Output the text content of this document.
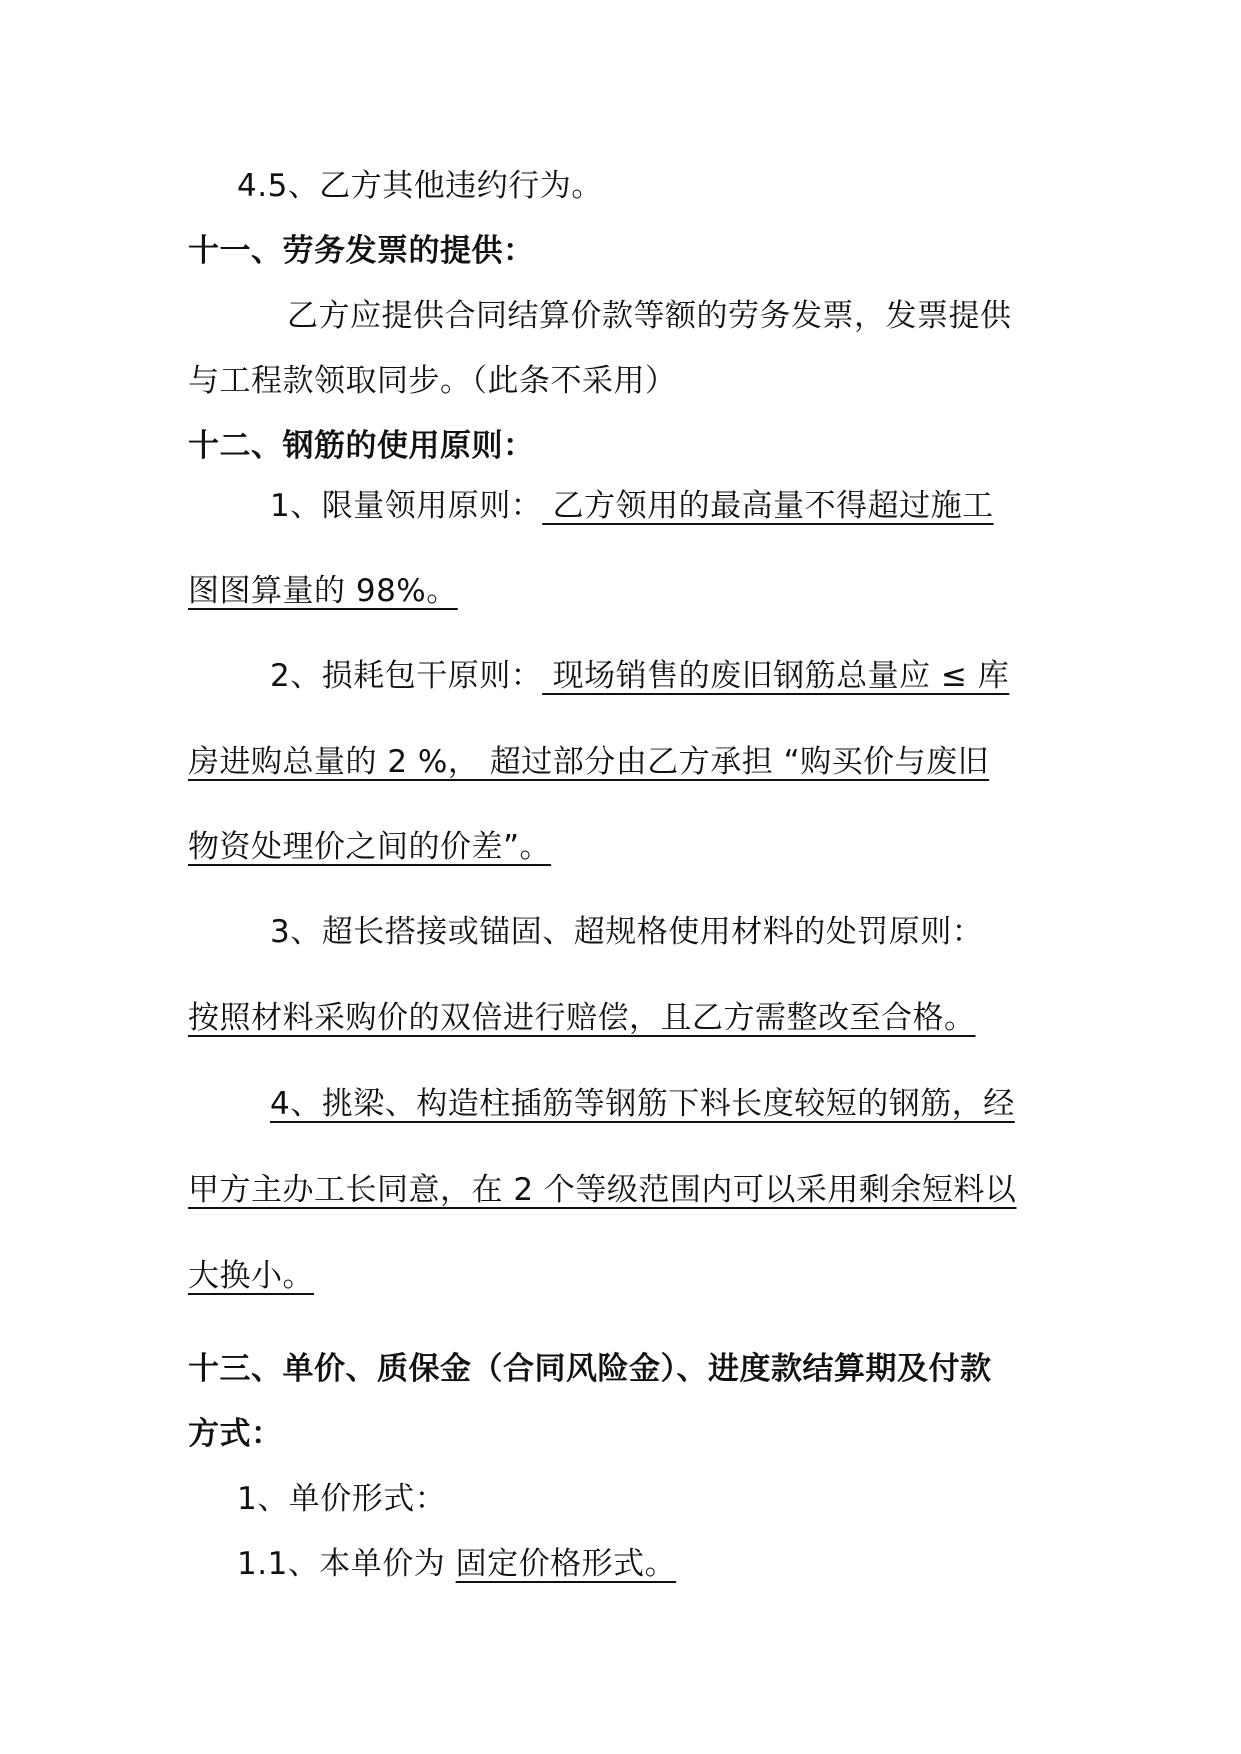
4.5、乙方其他违约行为。
十一、劳务发票的提供：
乙方应提供合同结算价款等额的劳务发票，发票提供
与工程款领取同步。（此条不采用）
十二、钢筋的使用原则：
1、限量领用原则： 乙方领用的最高量不得超过施工
图图算量的 98%。
2、损耗包干原则： 现场销售的废旧钢筋总量应 ≤ 库
房进购总量的 2 %， 超过部分由乙方承担 “购买价与废旧
物资处理价之间的价差”。
3、超长搭接或锚固、超规格使用材料的处罚原则：
按照材料采购价的双倍进行赔偿，且乙方需整改至合格。
4、挑梁、构造柱插筋等钢筋下料长度较短的钢筋，经
甲方主办工长同意，在 2 个等级范围内可以采用剩余短料以
大换小。
十三、单价、质保金（合同风险金）、进度款结算期及付款
方式：
1、单价形式：
1.1、本单价为 固定价格形式。
